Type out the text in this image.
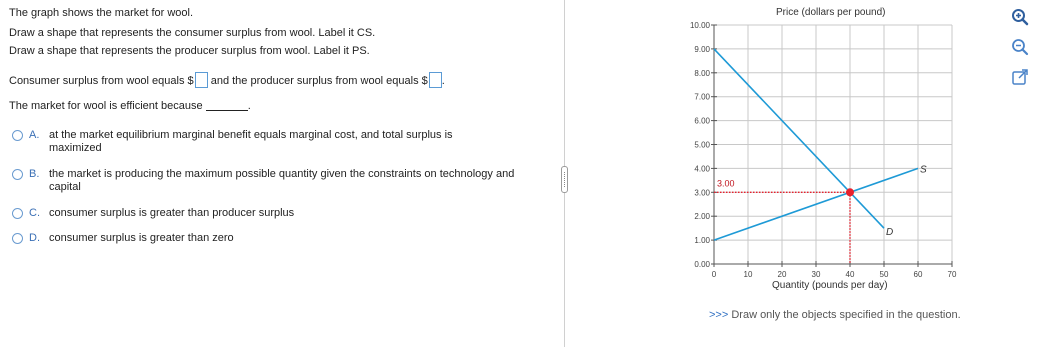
The graph shows the market for wool.
Draw a shape that represents the consumer surplus from wool. Label it CS.
Draw a shape that represents the producer surplus from wool. Label it PS.
Consumer surplus from wool equals $ and the producer surplus from wool equals $ .
The market for wool is efficient because	.
A. at the market equilibrium marginal benefit equals marginal cost, and total surplus is maximized
B. the market is producing the maximum possible quantity given the constraints on technology and capital
C. consumer surplus is greater than producer surplus
D. consumer surplus is greater than zero
Price (dollars per pound)
0.00
1.00
2.00
3.00
4.00
5.00
6.00
7.00
8.00
9.00
10.00
0	10	20	30	40	50	60	70
S
D
3.00
Quantity (pounds per day)
>>> Draw only the objects specified in the question.
